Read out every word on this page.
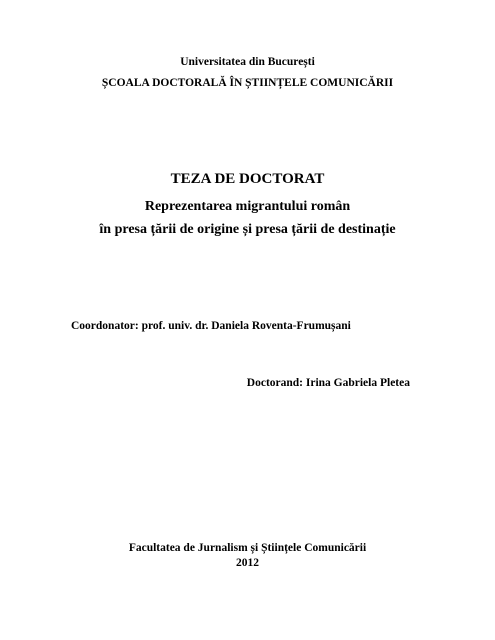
Universitatea din București
ȘCOALA DOCTORALĂ ÎN ȘTIINȚELE COMUNICĂRII
TEZA DE DOCTORAT
Reprezentarea migrantului român
în presa țării de origine și presa țării de destinație
Coordonator: prof. univ. dr. Daniela Roventa-Frumușani
Doctorand: Irina Gabriela Pletea
Facultatea de Jurnalism și Științele Comunicării
2012
